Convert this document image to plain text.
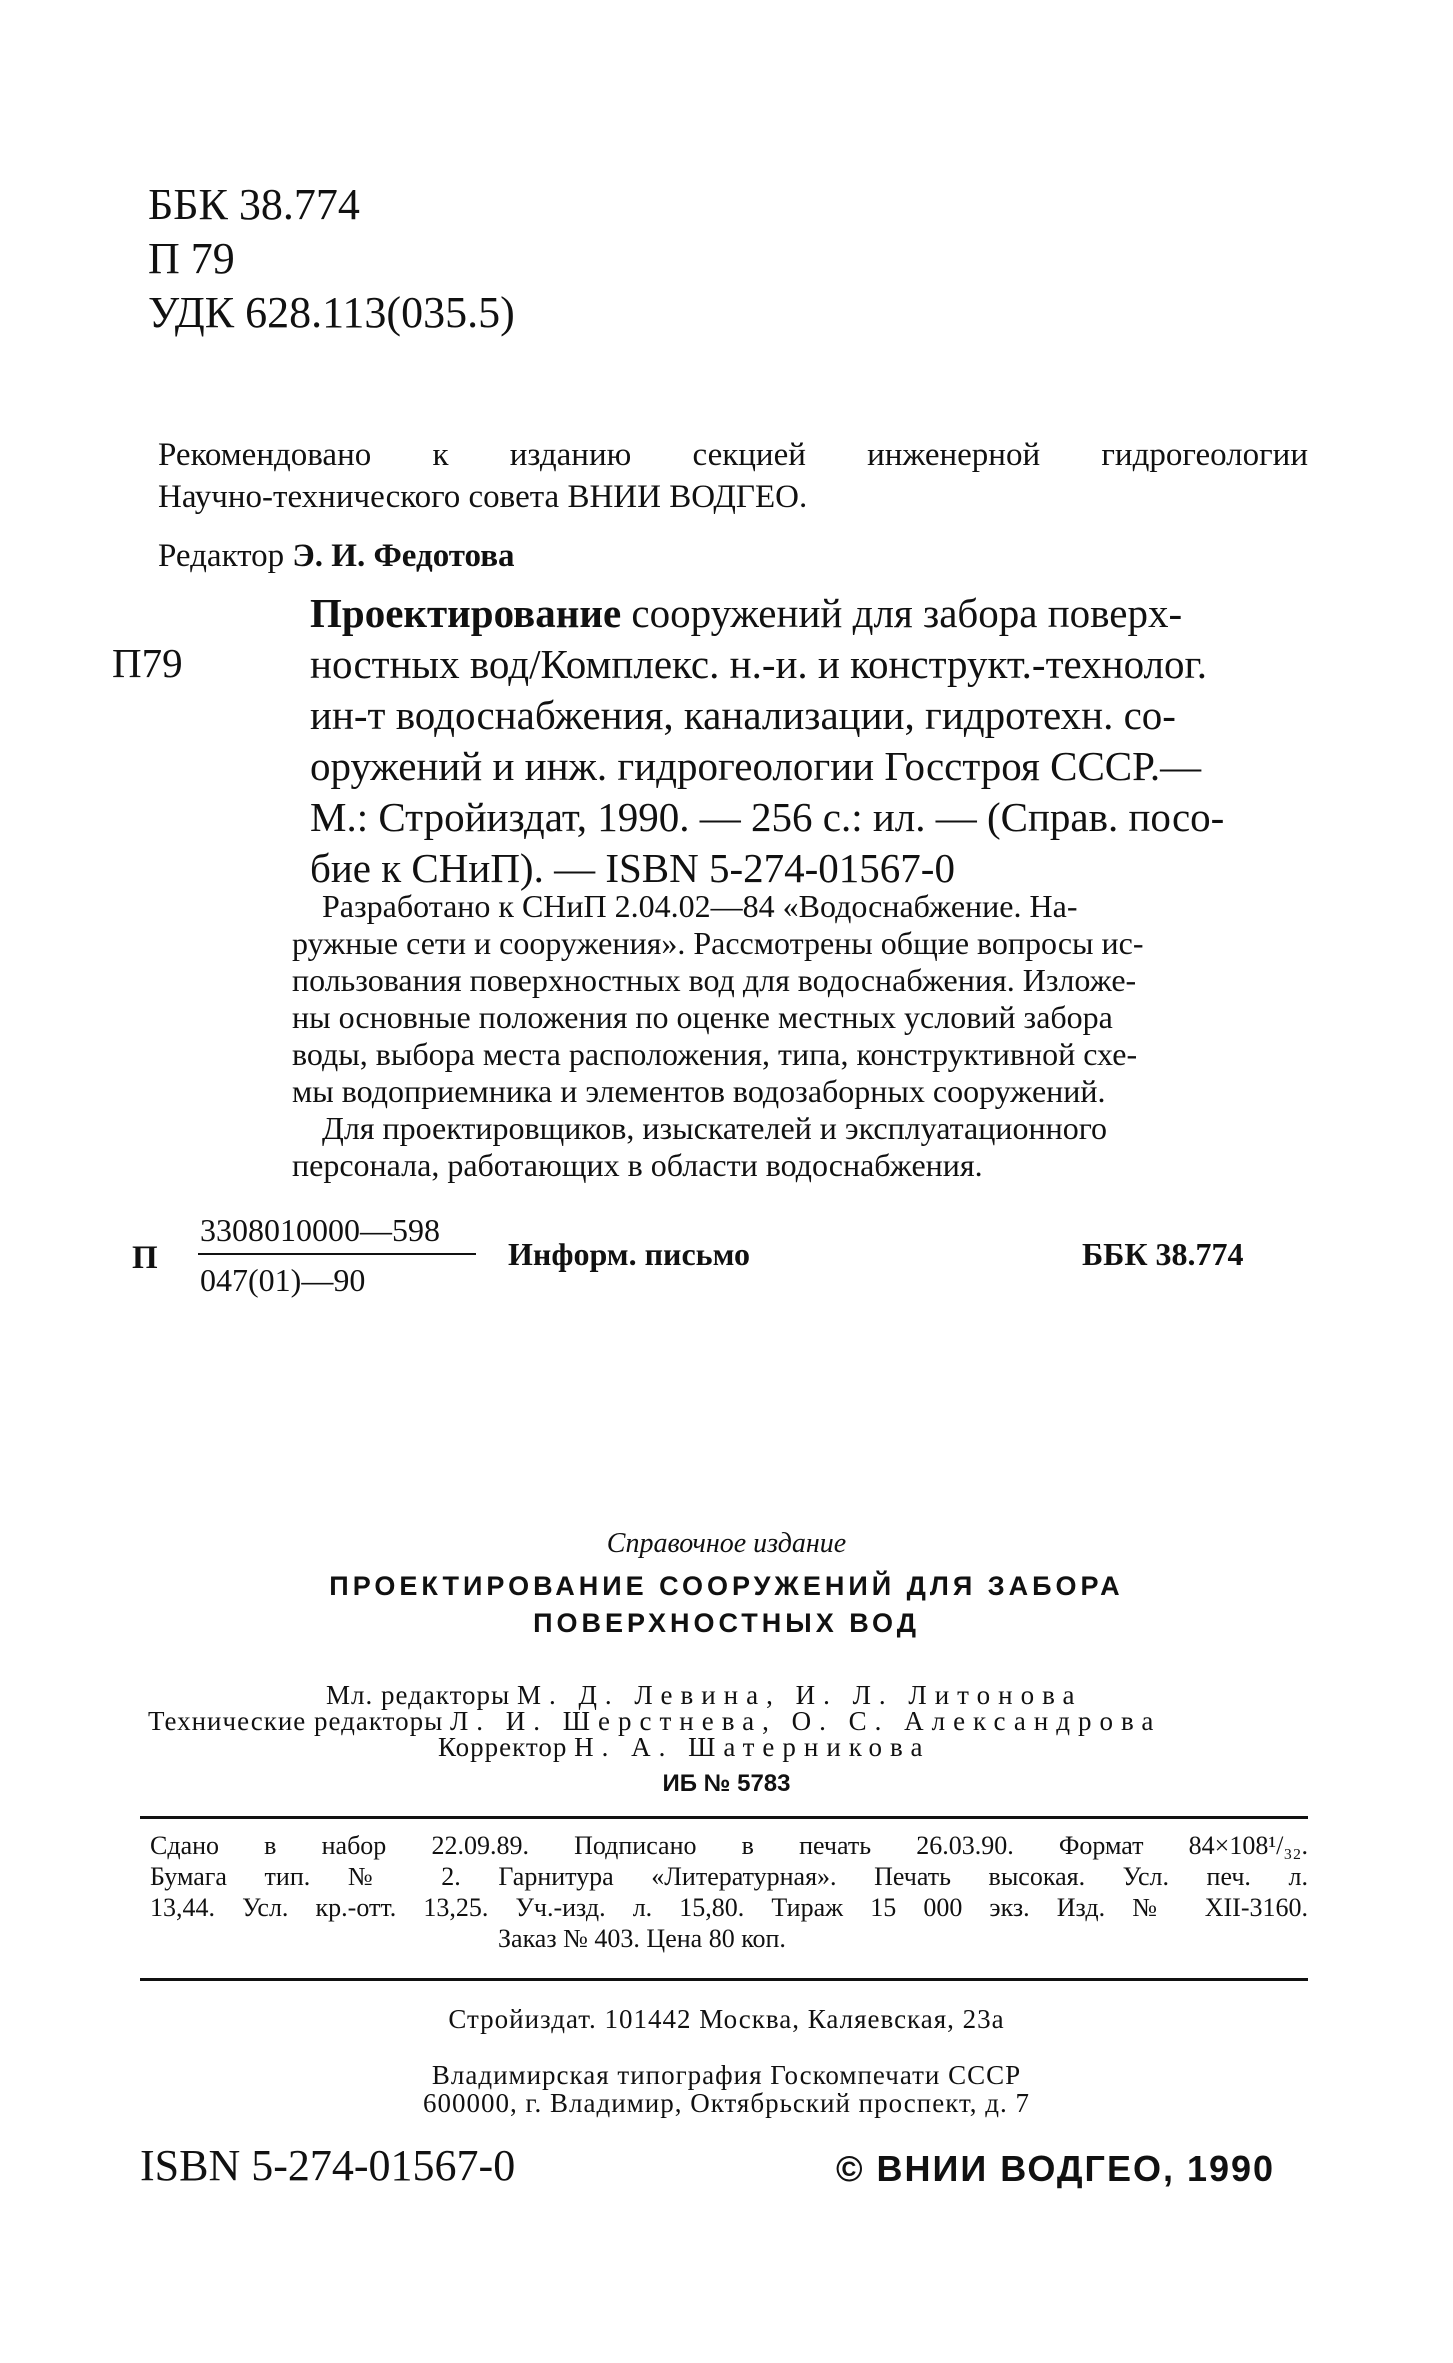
ББК 38.774
П 79
УДК 628.113(035.5)
Рекомендовано к изданию секцией инженерной гидрогеологии
Научно-технического совета ВНИИ ВОДГЕО.
Редактор Э. И. Федотова
П79
Проектирование сооружений для забора поверх-
ностных вод/Комплекс. н.-и. и конструкт.-технолог.
ин-т водоснабжения, канализации, гидротехн. со-
оружений и инж. гидрогеологии Госстроя СССР.—
М.: Стройиздат, 1990. — 256 с.: ил. — (Справ. посо-
бие к СНиП). — ISBN 5-274-01567-0
Разработано к СНиП 2.04.02—84 «Водоснабжение. На-
ружные сети и сооружения». Рассмотрены общие вопросы ис-
пользования поверхностных вод для водоснабжения. Изложе-
ны основные положения по оценке местных условий забора
воды, выбора места расположения, типа, конструктивной схе-
мы водоприемника и элементов водозаборных сооружений.
Для проектировщиков, изыскателей и эксплуатационного
персонала, работающих в области водоснабжения.
П
3308010000—598
047(01)—90
Информ. письмо	ББК 38.774
Справочное издание
ПРОЕКТИРОВАНИЕ СООРУЖЕНИЙ ДЛЯ ЗАБОРА
ПОВЕРХНОСТНЫХ ВОД
Мл. редакторы М. Д. Левина, И. Л. Литонова
Технические редакторы Л. И. Шерстнева, О. С. Александрова
Корректор Н. А. Шатерникова
ИБ № 5783
Сдано в набор 22.09.89. Подписано в печать 26.03.90. Формат 84×108¹/₃₂.
Бумага тип. № 2. Гарнитура «Литературная». Печать высокая. Усл. печ. л.
13,44. Усл. кр.-отт. 13,25. Уч.-изд. л. 15,80. Тираж 15 000 экз. Изд. № XII-3160.
Заказ № 403. Цена 80 коп.
Стройиздат. 101442 Москва, Каляевская, 23а
Владимирская типография Госкомпечати СССР
600000, г. Владимир, Октябрьский проспект, д. 7
ISBN 5-274-01567-0	© ВНИИ ВОДГЕО, 1990
